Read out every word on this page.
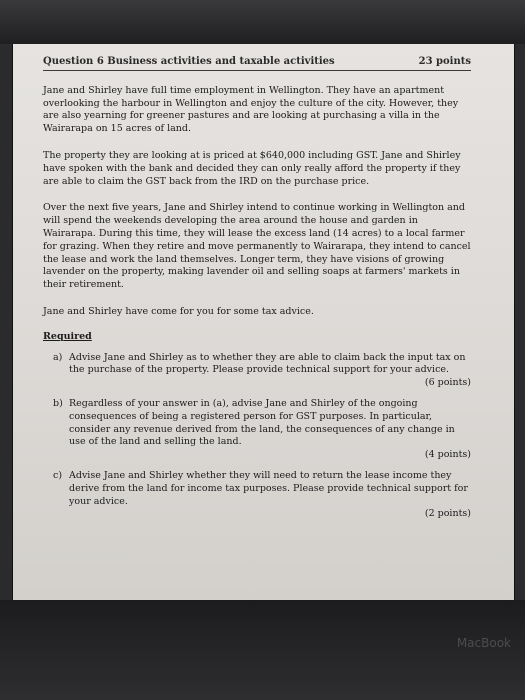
Question 6 Business activities and taxable activities	23 points

Jane and Shirley have full time employment in Wellington. They have an apartment overlooking the harbour in Wellington and enjoy the culture of the city. However, they are also yearning for greener pastures and are looking at purchasing a villa in the Wairarapa on 15 acres of land.

The property they are looking at is priced at $640,000 including GST. Jane and Shirley have spoken with the bank and decided they can only really afford the property if they are able to claim the GST back from the IRD on the purchase price.

Over the next five years, Jane and Shirley intend to continue working in Wellington and will spend the weekends developing the area around the house and garden in Wairarapa. During this time, they will lease the excess land (14 acres) to a local farmer for grazing. When they retire and move permanently to Wairarapa, they intend to cancel the lease and work the land themselves. Longer term, they have visions of growing lavender on the property, making lavender oil and selling soaps at farmers' markets in their retirement.

Jane and Shirley have come for you for some tax advice.

Required
a) Advise Jane and Shirley as to whether they are able to claim back the input tax on the purchase of the property. Please provide technical support for your advice.
(6 points)
b) Regardless of your answer in (a), advise Jane and Shirley of the ongoing consequences of being a registered person for GST purposes. In particular, consider any revenue derived from the land, the consequences of any change in use of the land and selling the land.
(4 points)
c) Advise Jane and Shirley whether they will need to return the lease income they derive from the land for income tax purposes. Please provide technical support for your advice.
(2 points)
MacBook
